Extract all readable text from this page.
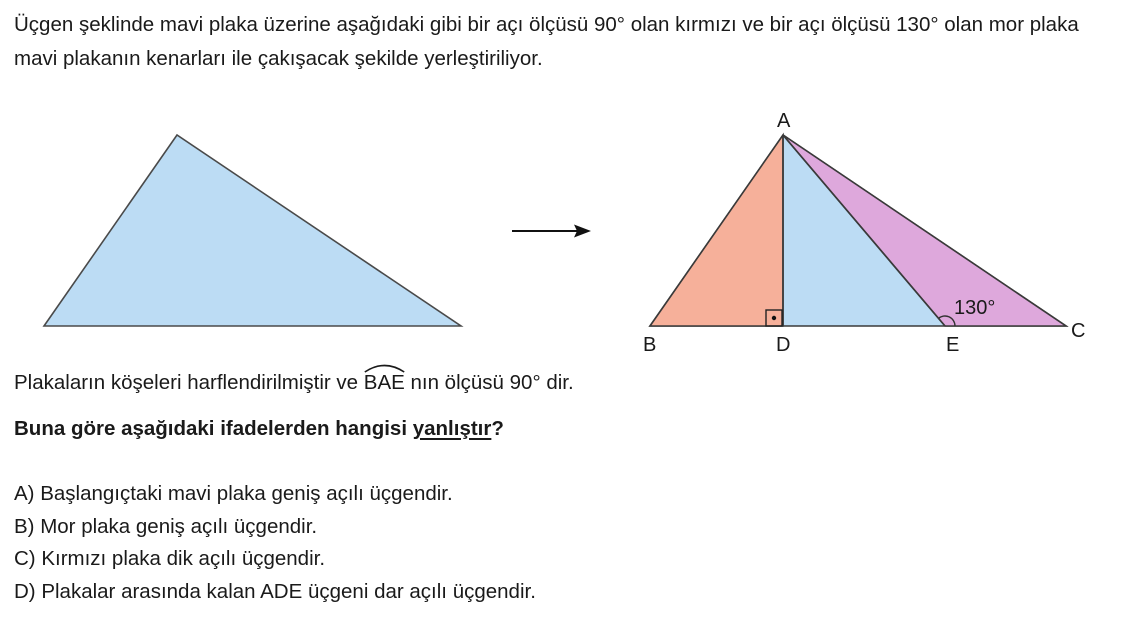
Üçgen şeklinde mavi plaka üzerine aşağıdaki gibi bir açı ölçüsü 90° olan kırmızı ve bir açı ölçüsü 130° olan mor plaka mavi plakanın kenarları ile çakışacak şekilde yerleştiriliyor.

130°
A
B	D	E
C

Plakaların köşeleri harflendirilmiştir ve
BAE nın ölçüsü 90° dir.

Buna göre aşağıdaki ifadelerden hangisi yanlıştır?

A) Başlangıçtaki mavi plaka geniş açılı üçgendir.
B) Mor plaka geniş açılı üçgendir.
C) Kırmızı plaka dik açılı üçgendir.
D) Plakalar arasında kalan ADE üçgeni dar açılı üçgendir.
